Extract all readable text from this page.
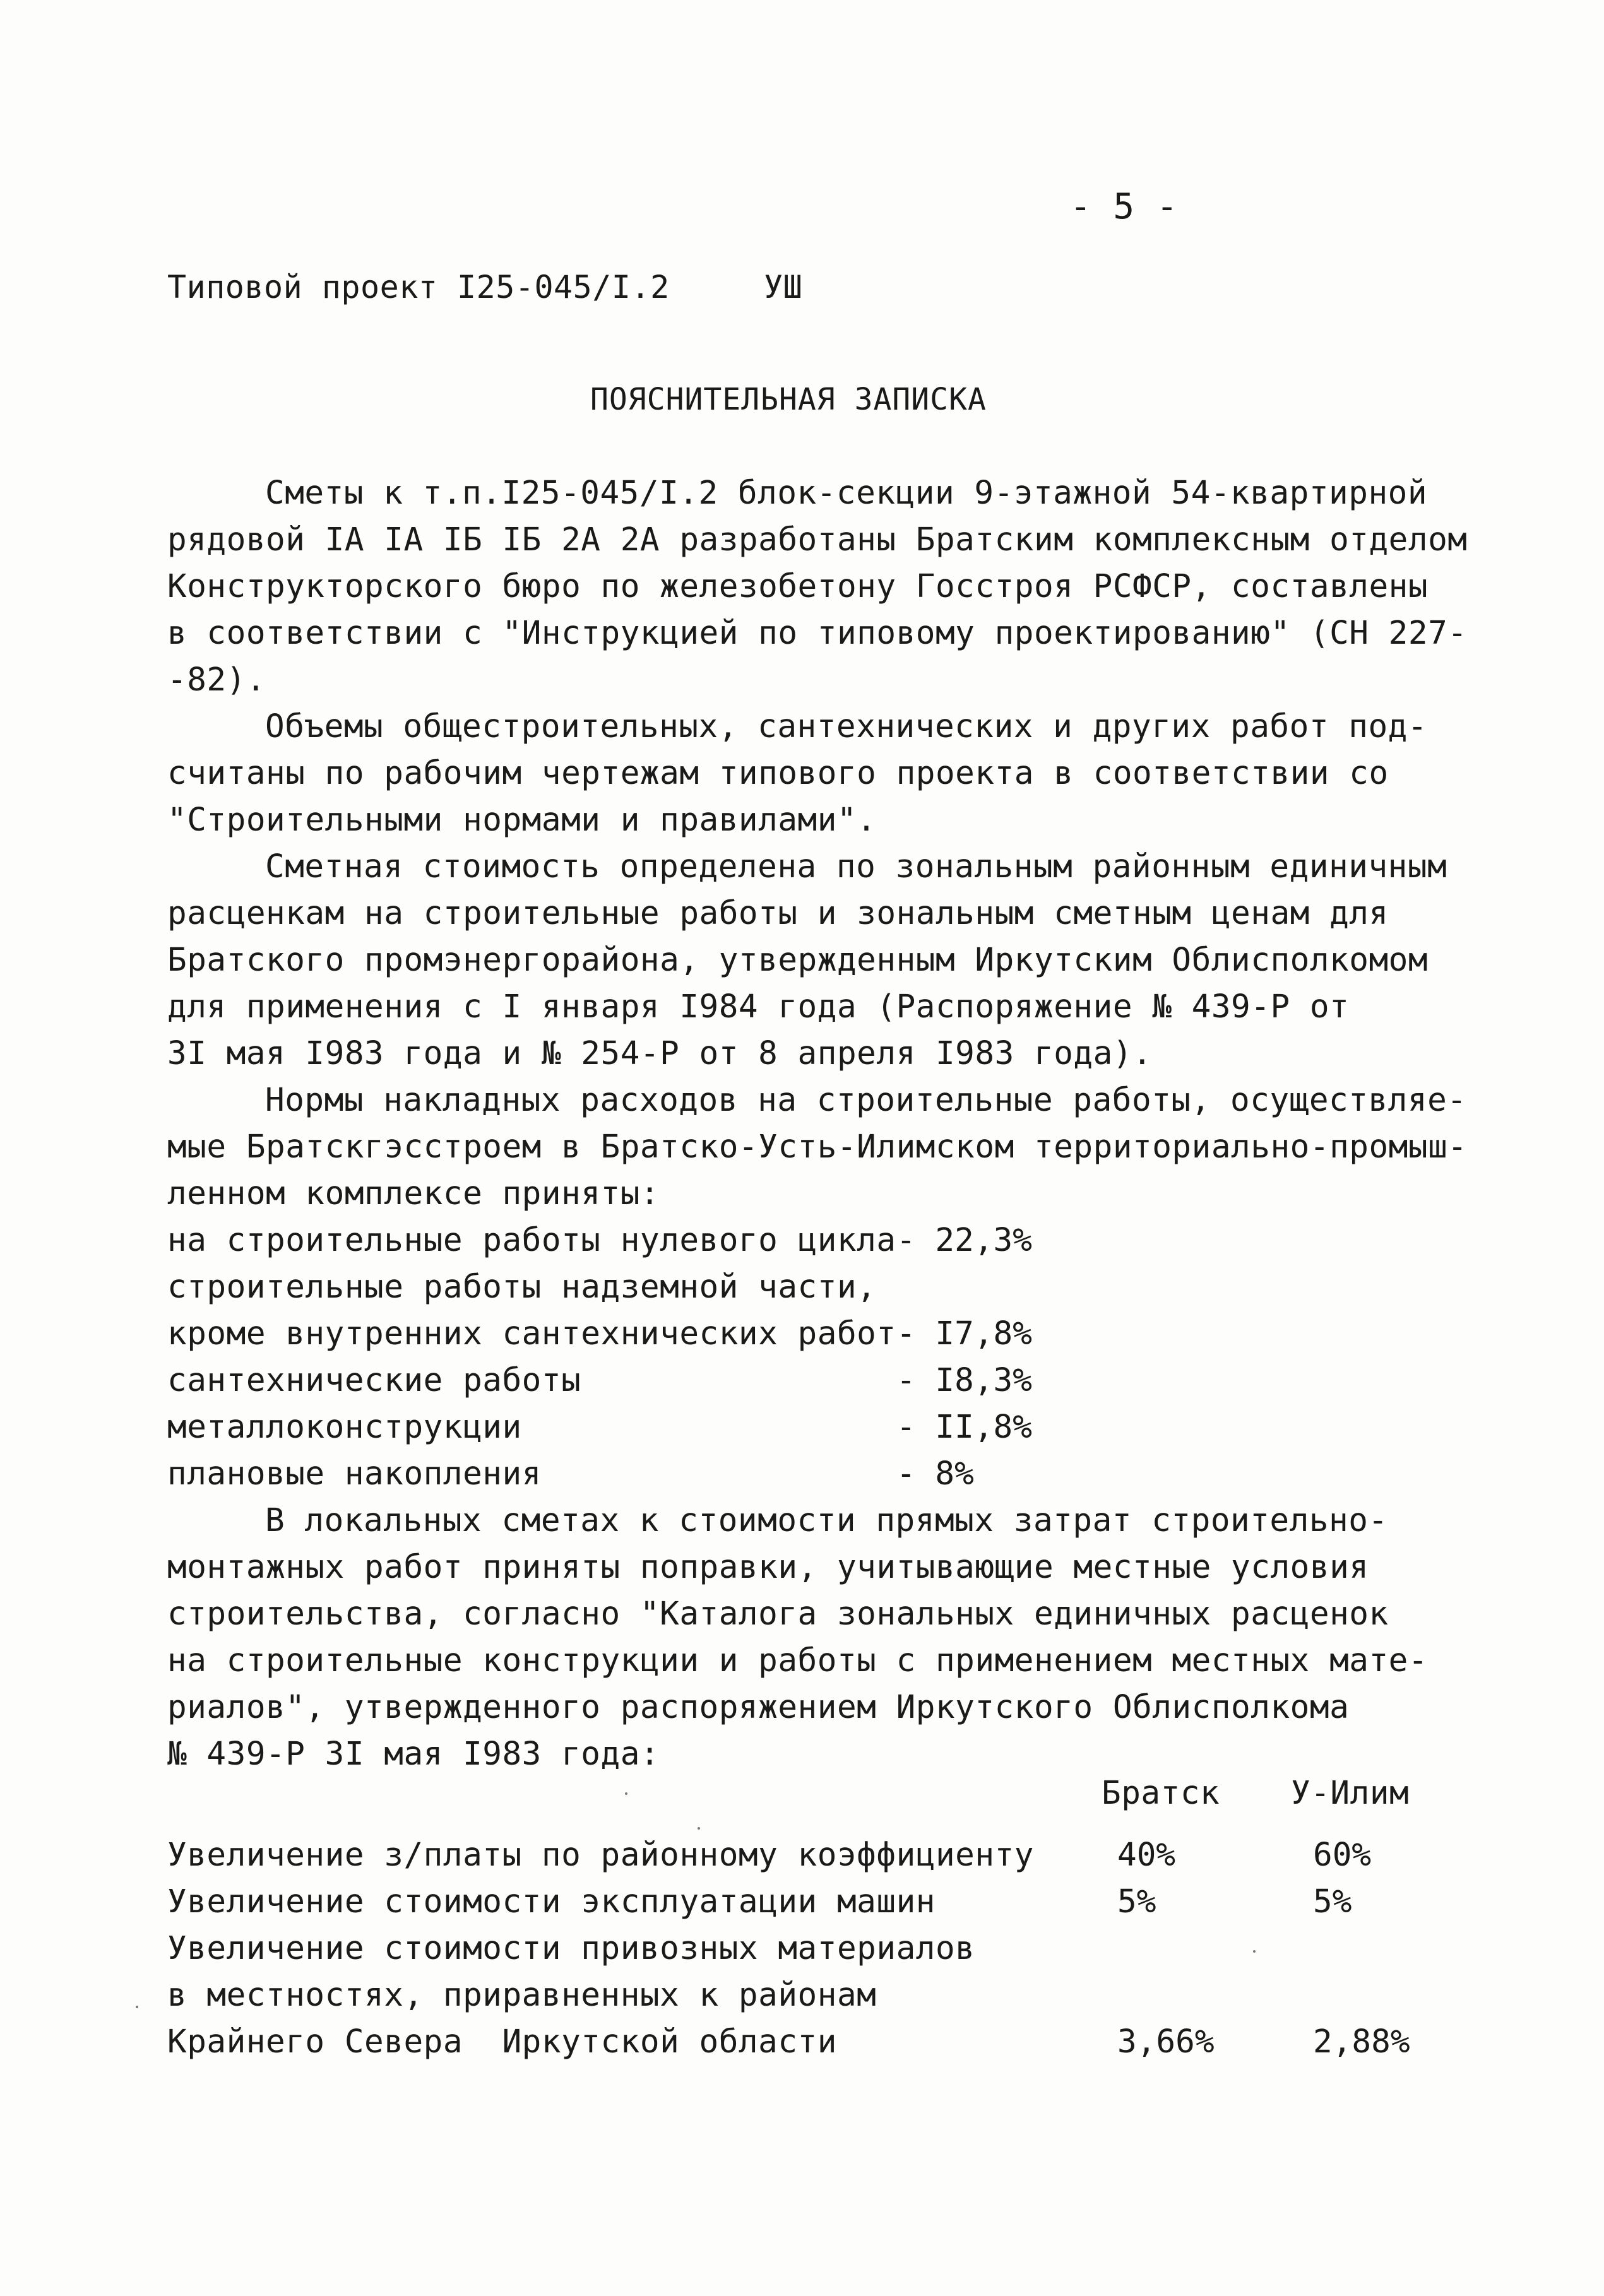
- 5 -
Типовой проект I25-045/I.2	УШ
ПОЯСНИТЕЛЬНАЯ ЗАПИСКА
Сметы к т.п.I25-045/I.2 блок-секции 9-этажной 54-квартирной
рядовой IA IA IБ IБ 2A 2A разработаны Братским комплексным отделом
Конструкторского бюро по железобетону Госстроя РСФСР, составлены
в соответствии с "Инструкцией по типовому проектированию" (СН 227-
-82).
Объемы общестроительных, сантехнических и других работ под-
считаны по рабочим чертежам типового проекта в соответствии со
"Строительными нормами и правилами".
Сметная стоимость определена по зональным районным единичным
расценкам на строительные работы и зональным сметным ценам для
Братского промэнергорайона, утвержденным Иркутским Облисполкомом
для применения с I января I984 года (Распоряжение № 439-Р от
3I мая I983 года и № 254-Р от 8 апреля I983 года).
Нормы накладных расходов на строительные работы, осуществляе-
мые Братскгэсстроем в Братско-Усть-Илимском территориально-промыш-
ленном комплексе приняты:
на строительные работы нулевого цикла - 22,3%
строительные работы надземной части,
кроме внутренних сантехнических работ - I7,8%
сантехнические работы	- I8,3%
металлоконструкции	- II,8%
плановые накопления	- 8%
В локальных сметах к стоимости прямых затрат строительно-
монтажных работ приняты поправки, учитывающие местные условия
строительства, согласно "Каталога зональных единичных расценок
на строительные конструкции и работы с применением местных мате-
риалов", утвержденного распоряжением Иркутского Облисполкома
№ 439-Р 3I мая I983 года:
Братск У-Илим
Увеличение з/платы по районному коэффициенту	40%	60%
Увеличение стоимости эксплуатации машин	5%	5%
Увеличение стоимости привозных материалов
в местностях, приравненных к районам
Крайнего Севера  Иркутской области	3,66%	2,88%
